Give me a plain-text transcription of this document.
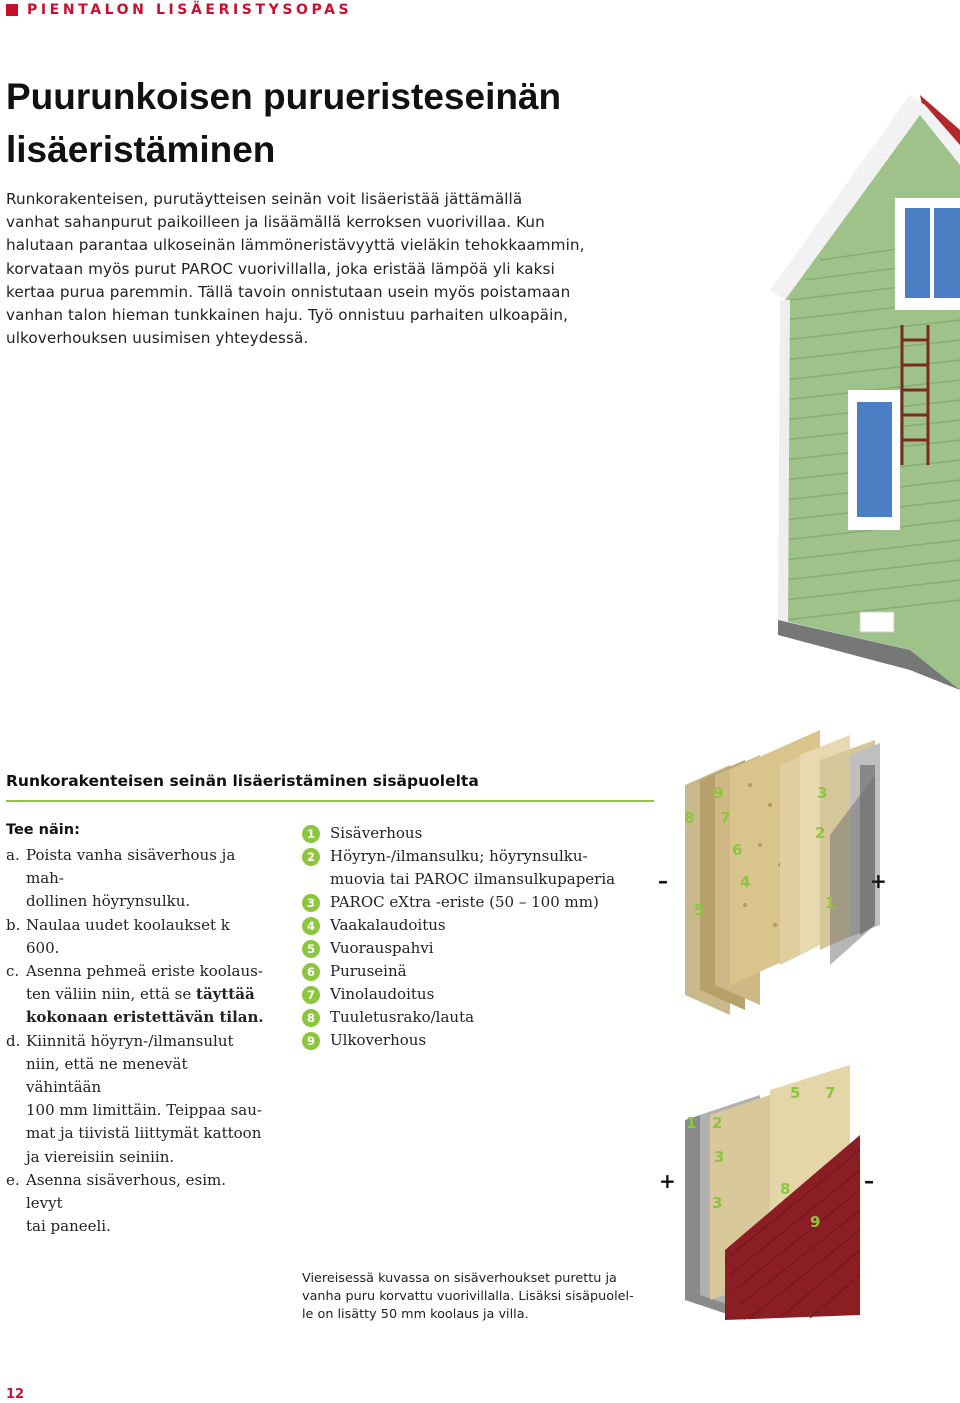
PIENTALON LISÄERISTYSOPAS
Puurunkoisen purueristeseinän
lisäeristäminen
Runkorakenteisen, purutäytteisen seinän voit lisäeristää jättämällä
vanhat sahanpurut paikoilleen ja lisäämällä kerroksen vuorivillaa. Kun
halutaan parantaa ulkoseinän lämmöneristävyyttä vieläkin tehokkaammin,
korvataan myös purut PAROC vuorivillalla, joka eristää lämpöä yli kaksi
kertaa purua paremmin. Tällä tavoin onnistutaan usein myös poistamaan
vanhan talon hieman tunkkainen haju. Työ onnistuu parhaiten ulkoapäin,
ulkoverhouksen uusimisen yhteydessä.
Runkorakenteisen seinän lisäeristäminen sisäpuolelta
Tee näin:
a. Poista vanha sisäverhous ja mah-
dollinen höyrynsulku.
b. Naulaa uudet koolaukset k 600.
c. Asenna pehmeä eriste koolaus-
ten väliin niin, että se täyttää
kokonaan eristettävän tilan.
d. Kiinnitä höyryn-/ilmansulut
niin, että ne menevät vähintään
100 mm limittäin. Teippaa sau-
mat ja tiivistä liittymät kattoon
ja viereisiin seiniin.
e. Asenna sisäverhous, esim. levyt
tai paneeli.
1	Sisäverhous
2	Höyryn-/ilmansulku; höyrynsulku-
muovia tai PAROC ilmansulkupaperia
3	PAROC eXtra -eriste (50 – 100 mm)
4	Vaakalaudoitus
5	Vuorauspahvi
6	Puruseinä
7	Vinolaudoitus
8	Tuuletusrako/lauta
9	Ulkoverhous
9	3
8 7
2
6
4
5	1
–	+
5 7
1 2
3
8
3
9
+	–
Viereisessä kuvassa on sisäverhoukset purettu ja
vanha puru korvattu vuorivillalla. Lisäksi sisäpuolel-
le on lisätty 50 mm koolaus ja villa.
12
